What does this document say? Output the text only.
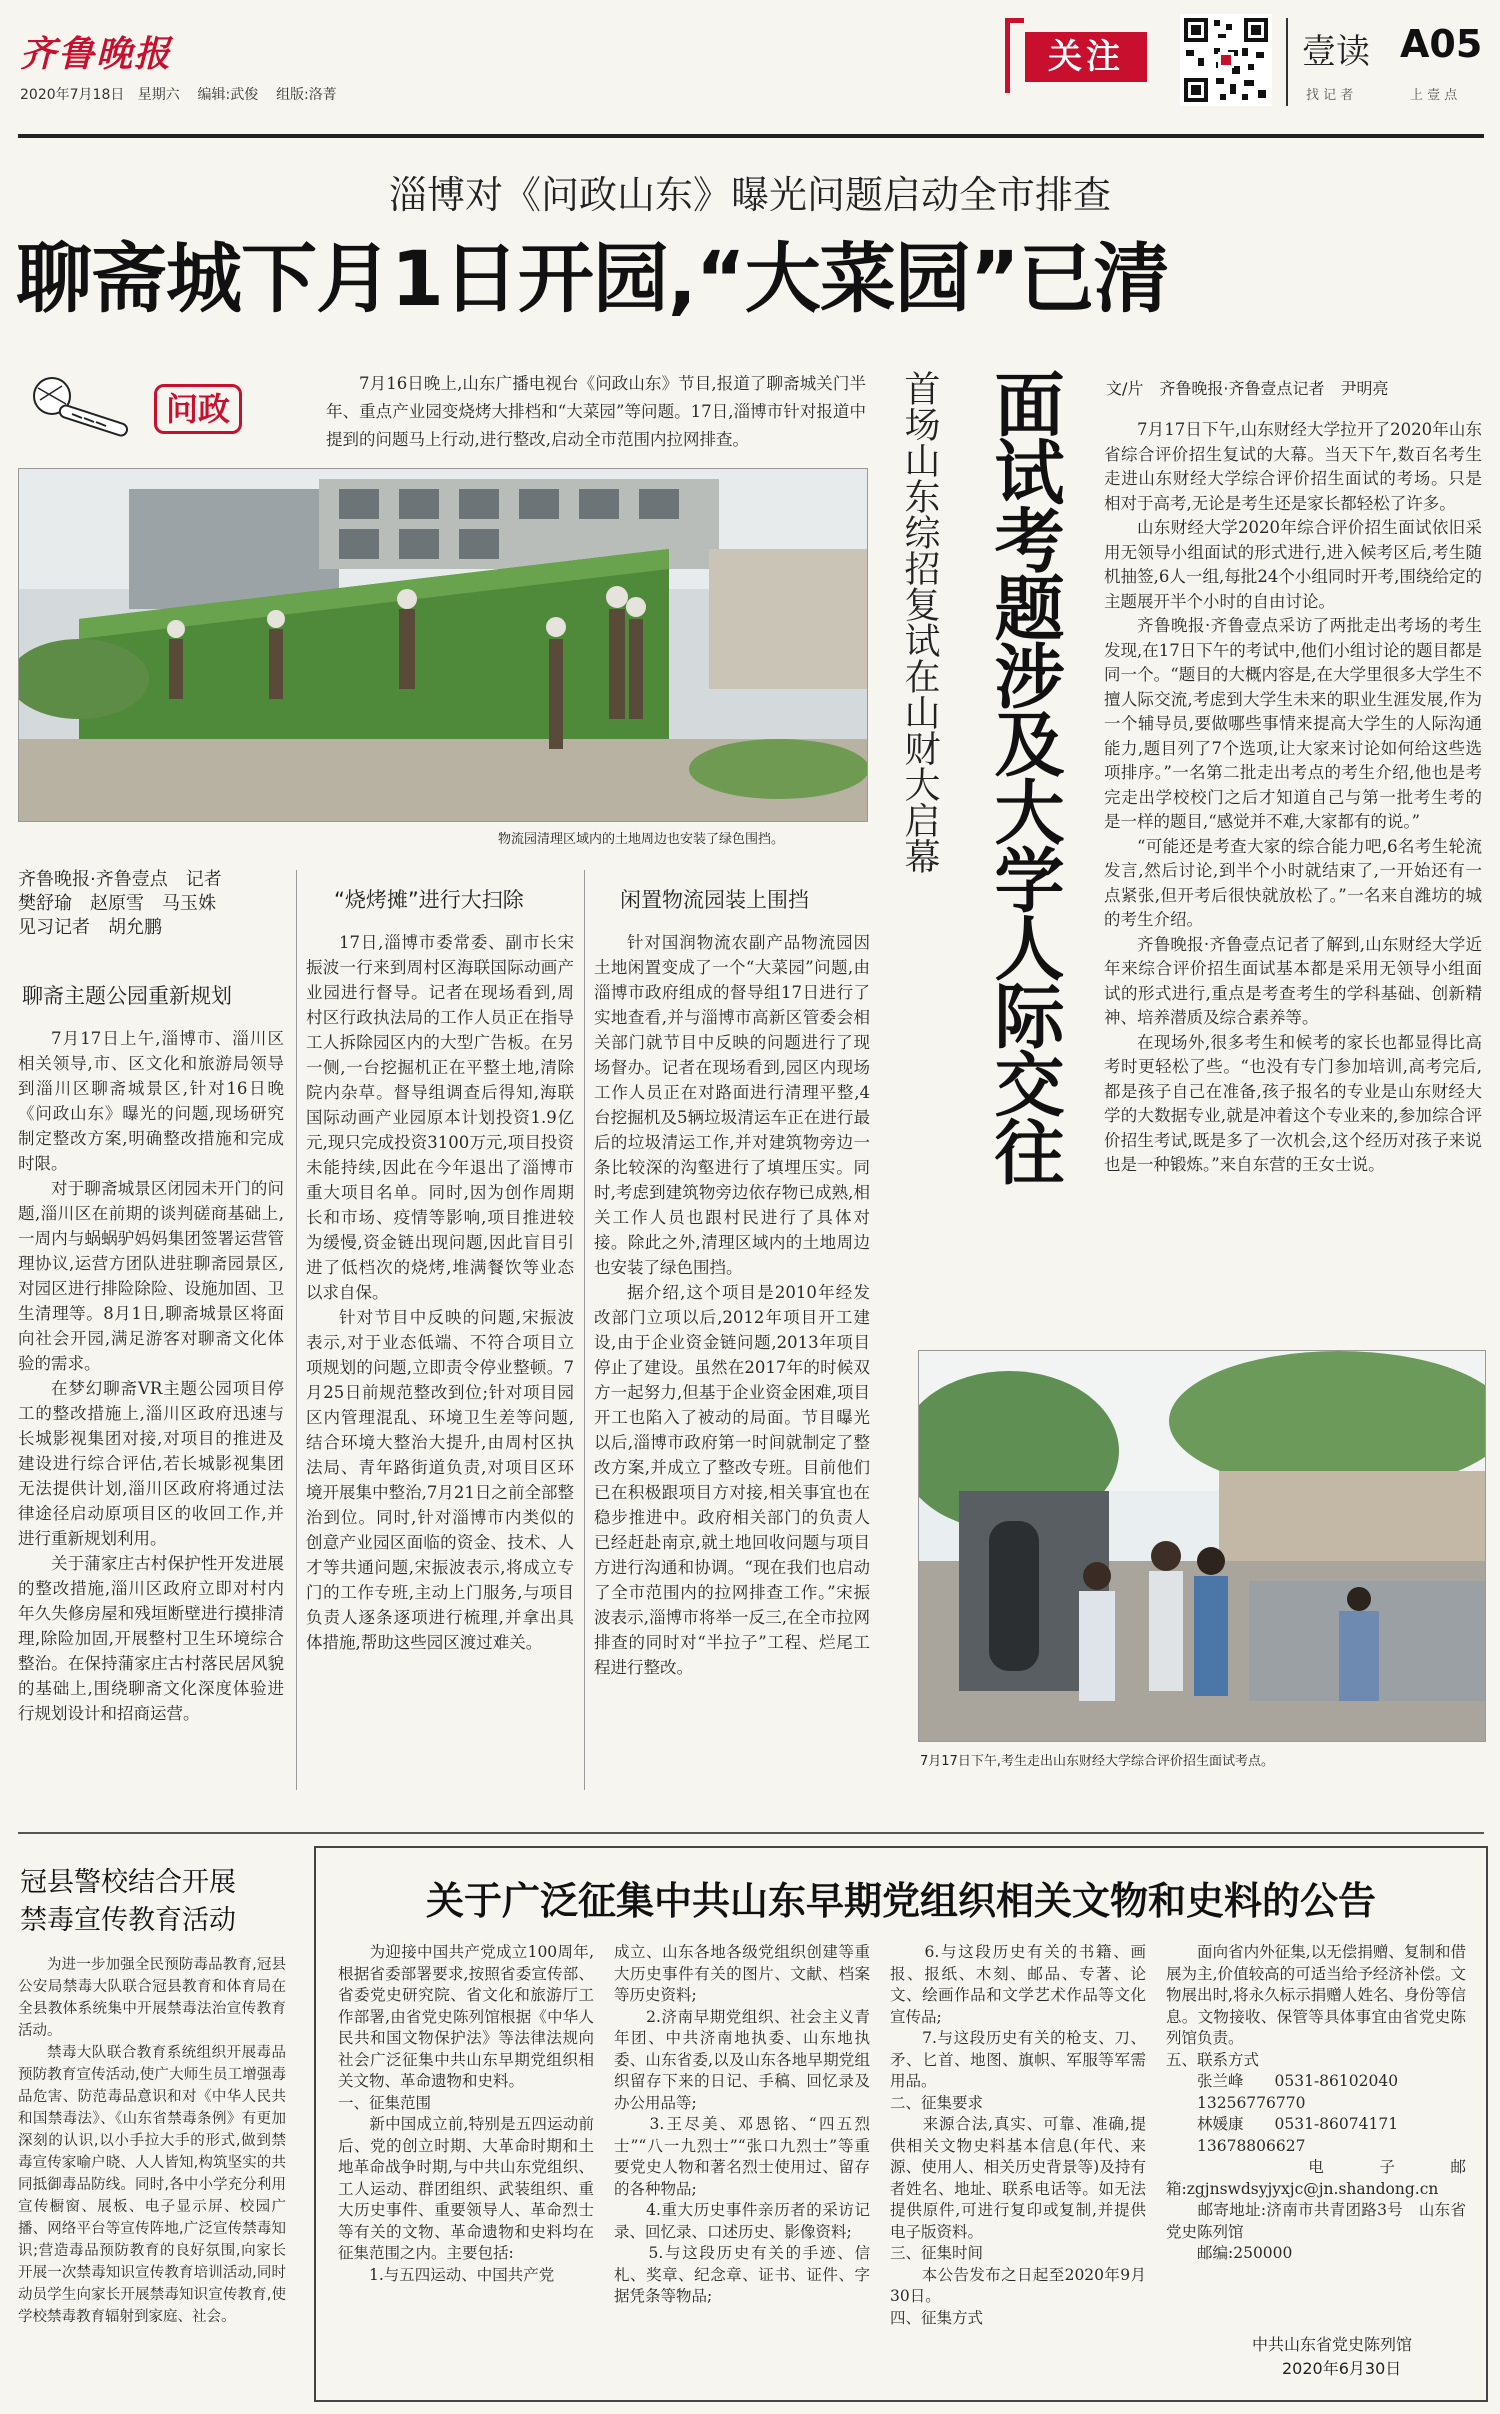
齐鲁晚报
2020年7月18日 星期六 编辑:武俊 组版:洛菁
关注	壹读 A05
找 记 者	上 壹 点
淄博对《问政山东》曝光问题启动全市排查
聊斋城下月1日开园,“大菜园”已清
问政

7月16日晚上,山东广播电视台《问政山东》节目,报道了聊斋城关门半年、重点产业园变烧烤大排档和“大菜园”等问题。17日,淄博市针对报道中提到的问题马上行动,进行整改,启动全市范围内拉网排查。

物流园清理区域内的土地周边也安装了绿色围挡。
齐鲁晚报·齐鲁壹点　记者
樊舒瑜　赵原雪　马玉姝
见习记者　胡允鹏
聊斋主题公园重新规划
“烧烤摊”进行大扫除	闲置物流园装上围挡

7月17日上午,淄博市、淄川区相关领导,市、区文化和旅游局领导到淄川区聊斋城景区,针对16日晚《问政山东》曝光的问题,现场研究制定整改方案,明确整改措施和完成时限。

对于聊斋城景区闭园未开门的问题,淄川区在前期的谈判磋商基础上,一周内与蜗蜗驴妈妈集团签署运营管理协议,运营方团队进驻聊斋园景区,对园区进行排险除险、设施加固、卫生清理等。8月1日,聊斋城景区将面向社会开园,满足游客对聊斋文化体验的需求。

在梦幻聊斋VR主题公园项目停工的整改措施上,淄川区政府迅速与长城影视集团对接,对项目的推进及建设进行综合评估,若长城影视集团无法提供计划,淄川区政府将通过法律途径启动原项目区的收回工作,并进行重新规划利用。

关于蒲家庄古村保护性开发进展的整改措施,淄川区政府立即对村内年久失修房屋和残垣断壁进行摸排清理,除险加固,开展整村卫生环境综合整治。在保持蒲家庄古村落民居风貌的基础上,围绕聊斋文化深度体验进行规划设计和招商运营。

17日,淄博市委常委、副市长宋振波一行来到周村区海联国际动画产业园进行督导。记者在现场看到,周村区行政执法局的工作人员正在指导工人拆除园区内的大型广告板。在另一侧,一台挖掘机正在平整土地,清除院内杂草。督导组调查后得知,海联国际动画产业园原本计划投资1.9亿元,现只完成投资3100万元,项目投资未能持续,因此在今年退出了淄博市重大项目名单。同时,因为创作周期长和市场、疫情等影响,项目推进较为缓慢,资金链出现问题,因此盲目引进了低档次的烧烤,堆满餐饮等业态以求自保。

针对节目中反映的问题,宋振波表示,对于业态低端、不符合项目立项规划的问题,立即责令停业整顿。7月25日前规范整改到位;针对项目园区内管理混乱、环境卫生差等问题,结合环境大整治大提升,由周村区执法局、青年路街道负责,对项目区环境开展集中整治,7月21日之前全部整治到位。同时,针对淄博市内类似的创意产业园区面临的资金、技术、人才等共通问题,宋振波表示,将成立专门的工作专班,主动上门服务,与项目负责人逐条逐项进行梳理,并拿出具体措施,帮助这些园区渡过难关。

针对国润物流农副产品物流园因土地闲置变成了一个“大菜园”问题,由淄博市政府组成的督导组17日进行了实地查看,并与淄博市高新区管委会相关部门就节目中反映的问题进行了现场督办。记者在现场看到,园区内现场工作人员正在对路面进行清理平整,4台挖掘机及5辆垃圾清运车正在进行最后的垃圾清运工作,并对建筑物旁边一条比较深的沟壑进行了填埋压实。同时,考虑到建筑物旁边依存物已成熟,相关工作人员也跟村民进行了具体对接。除此之外,清理区域内的土地周边也安装了绿色围挡。

据介绍,这个项目是2010年经发改部门立项以后,2012年项目开工建设,由于企业资金链问题,2013年项目停止了建设。虽然在2017年的时候双方一起努力,但基于企业资金困难,项目开工也陷入了被动的局面。节目曝光以后,淄博市政府第一时间就制定了整改方案,并成立了整改专班。目前他们已在积极跟项目方对接,相关事宜也在稳步推进中。政府相关部门的负责人已经赶赴南京,就土地回收问题与项目方进行沟通和协调。“现在我们也启动了全市范围内的拉网排查工作。”宋振波表示,淄博市将举一反三,在全市拉网排查的同时对“半拉子”工程、烂尾工程进行整改。

首场山东综招复试在山财大启幕 面试考题涉及大学人际交往	文/片　齐鲁晚报·齐鲁壹点记者　尹明亮

7月17日下午,山东财经大学拉开了2020年山东省综合评价招生复试的大幕。当天下午,数百名考生走进山东财经大学综合评价招生面试的考场。只是相对于高考,无论是考生还是家长都轻松了许多。

山东财经大学2020年综合评价招生面试依旧采用无领导小组面试的形式进行,进入候考区后,考生随机抽签,6人一组,每批24个小组同时开考,围绕给定的主题展开半个小时的自由讨论。

齐鲁晚报·齐鲁壹点采访了两批走出考场的考生发现,在17日下午的考试中,他们小组讨论的题目都是同一个。“题目的大概内容是,在大学里很多大学生不擅人际交流,考虑到大学生未来的职业生涯发展,作为一个辅导员,要做哪些事情来提高大学生的人际沟通能力,题目列了7个选项,让大家来讨论如何给这些选项排序。”一名第二批走出考点的考生介绍,他也是考完走出学校校门之后才知道自己与第一批考生考的是一样的题目,“感觉并不难,大家都有的说。”

“可能还是考查大家的综合能力吧,6名考生轮流发言,然后讨论,到半个小时就结束了,一开始还有一点紧张,但开考后很快就放松了。”一名来自潍坊的城的考生介绍。

齐鲁晚报·齐鲁壹点记者了解到,山东财经大学近年来综合评价招生面试基本都是采用无领导小组面试的形式进行,重点是考查考生的学科基础、创新精神、培养潜质及综合素养等。

在现场外,很多考生和候考的家长也都显得比高考时更轻松了些。“也没有专门参加培训,高考完后,都是孩子自己在准备,孩子报名的专业是山东财经大学的大数据专业,就是冲着这个专业来的,参加综合评价招生考试,既是多了一次机会,这个经历对孩子来说也是一种锻炼。”来自东营的王女士说。

7月17日下午,考生走出山东财经大学综合评价招生面试考点。
冠县警校结合开展
禁毒宣传教育活动

为进一步加强全民预防毒品教育,冠县公安局禁毒大队联合冠县教育和体育局在全县教体系统集中开展禁毒法治宣传教育活动。

禁毒大队联合教育系统组织开展毒品预防教育宣传活动,使广大师生员工增强毒品危害、防范毒品意识和对《中华人民共和国禁毒法》、《山东省禁毒条例》有更加深刻的认识,以小手拉大手的形式,做到禁毒宣传家喻户晓、人人皆知,构筑坚实的共同抵御毒品防线。同时,各中小学充分利用宣传橱窗、展板、电子显示屏、校园广播、网络平台等宣传阵地,广泛宣传禁毒知识;营造毒品预防教育的良好氛围,向家长开展一次禁毒知识宣传教育培训活动,同时动员学生向家长开展禁毒知识宣传教育,使学校禁毒教育辐射到家庭、社会。

关于广泛征集中共山东早期党组织相关文物和史料的公告
　　为迎接中国共产党成立100周年,根据省委部署要求,按照省委宣传部、省委党史研究院、省文化和旅游厅工作部署,由省党史陈列馆根据《中华人民共和国文物保护法》等法律法规向社会广泛征集中共山东早期党组织相关文物、革命遗物和史料。
一、征集范围
　　新中国成立前,特别是五四运动前后、党的创立时期、大革命时期和土地革命战争时期,与中共山东党组织、工人运动、群团组织、武装组织、重大历史事件、重要领导人、革命烈士等有关的文物、革命遗物和史料均在征集范围之内。主要包括:
　　1.与五四运动、中国共产党
成立、山东各地各级党组织创建等重大历史事件有关的图片、文献、档案等历史资料;
　　2.济南早期党组织、社会主义青年团、中共济南地执委、山东地执委、山东省委,以及山东各地早期党组织留存下来的日记、手稿、回忆录及办公用品等;
　　3.王尽美、邓恩铭、“四五烈士”“八一九烈士”“张口九烈士”等重要党史人物和著名烈士使用过、留存的各种物品;
　　4.重大历史事件亲历者的采访记录、回忆录、口述历史、影像资料;
　　5.与这段历史有关的手迹、信札、奖章、纪念章、证书、证件、字据凭条等物品;
　　6.与这段历史有关的书籍、画报、报纸、木刻、邮品、专著、论文、绘画作品和文学艺术作品等文化宣传品;
　　7.与这段历史有关的枪支、刀、矛、匕首、地图、旗帜、军服等军需用品。
二、征集要求
　　来源合法,真实、可靠、准确,提供相关文物史料基本信息(年代、来源、使用人、相关历史背景等)及持有者姓名、地址、联系电话等。如无法提供原件,可进行复印或复制,并提供电子版资料。
三、征集时间
　　本公告发布之日起至2020年9月30日。
四、征集方式
　　面向省内外征集,以无偿捐赠、复制和借展为主,价值较高的可适当给予经济补偿。文物展出时,将永久标示捐赠人姓名、身份等信息。文物接收、保管等具体事宜由省党史陈列馆负责。
五、联系方式
　　张兰峰　　0531-86102040
　　13256776770
　　林媛康　　0531-86074171
　　13678806627
　　电子邮箱:zgjnswdsyjyxjc@jn.shandong.cn
　　邮寄地址:济南市共青团路3号　山东省党史陈列馆
　　邮编:250000
中共山东省党史陈列馆
2020年6月30日
